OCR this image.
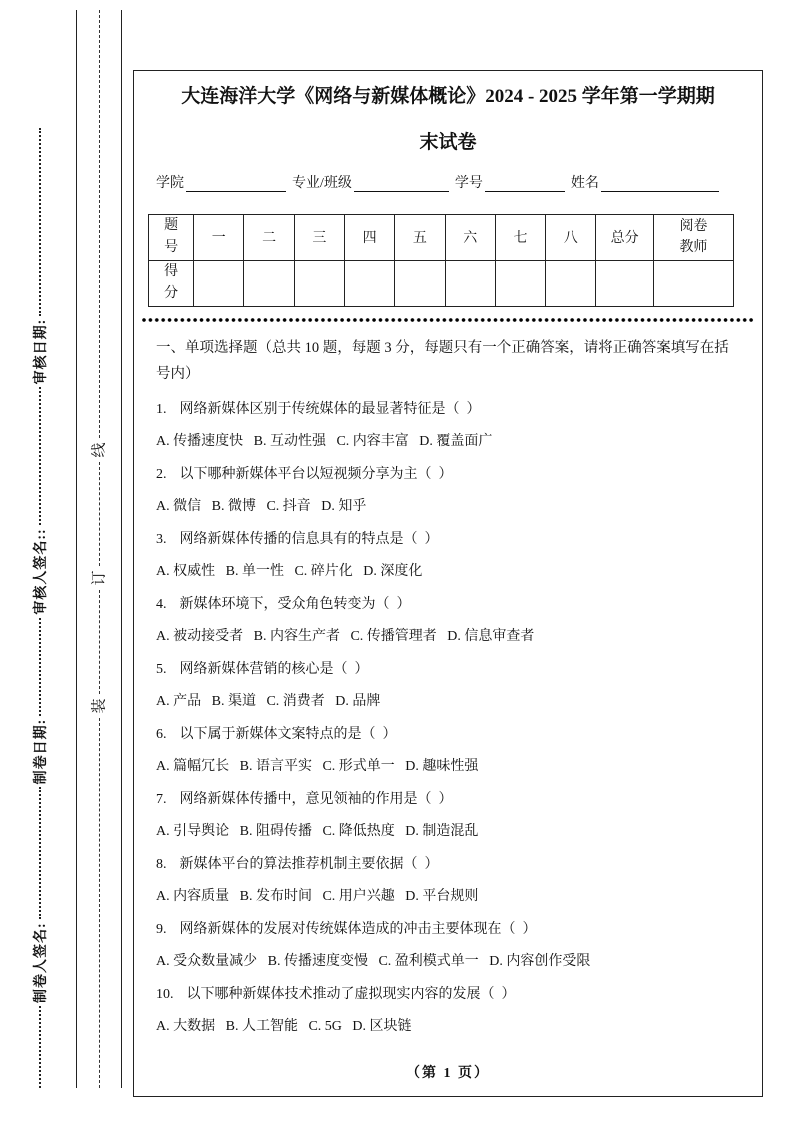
制卷人签名:
制卷日期:
审核人签名::
审核日期:
线
订
装
大连海洋大学《网络与新媒体概论》2024 - 2025 学年第一学期期
末试卷
学院	专业/班级	学号	姓名
题号	一	二	三	四	五	六	七	八	总分	阅卷教师
得分										
一、单项选择题（总共 10 题，每题 3 分，每题只有一个正确答案，请将正确答案填写在括号内）
1. 网络新媒体区别于传统媒体的最显著特征是（  ）
A. 传播速度快   B. 互动性强   C. 内容丰富   D. 覆盖面广
2. 以下哪种新媒体平台以短视频分享为主（  ）
A. 微信   B. 微博   C. 抖音   D. 知乎
3. 网络新媒体传播的信息具有的特点是（  ）
A. 权威性   B. 单一性   C. 碎片化   D. 深度化
4. 新媒体环境下，受众角色转变为（  ）
A. 被动接受者   B. 内容生产者   C. 传播管理者   D. 信息审查者
5. 网络新媒体营销的核心是（  ）
A. 产品   B. 渠道   C. 消费者   D. 品牌
6. 以下属于新媒体文案特点的是（  ）
A. 篇幅冗长   B. 语言平实   C. 形式单一   D. 趣味性强
7. 网络新媒体传播中，意见领袖的作用是（  ）
A. 引导舆论   B. 阻碍传播   C. 降低热度   D. 制造混乱
8. 新媒体平台的算法推荐机制主要依据（  ）
A. 内容质量   B. 发布时间   C. 用户兴趣   D. 平台规则
9. 网络新媒体的发展对传统媒体造成的冲击主要体现在（  ）
A. 受众数量减少   B. 传播速度变慢   C. 盈利模式单一   D. 内容创作受限
10. 以下哪种新媒体技术推动了虚拟现实内容的发展（  ）
A. 大数据   B. 人工智能   C. 5G   D. 区块链
（第 1 页）
